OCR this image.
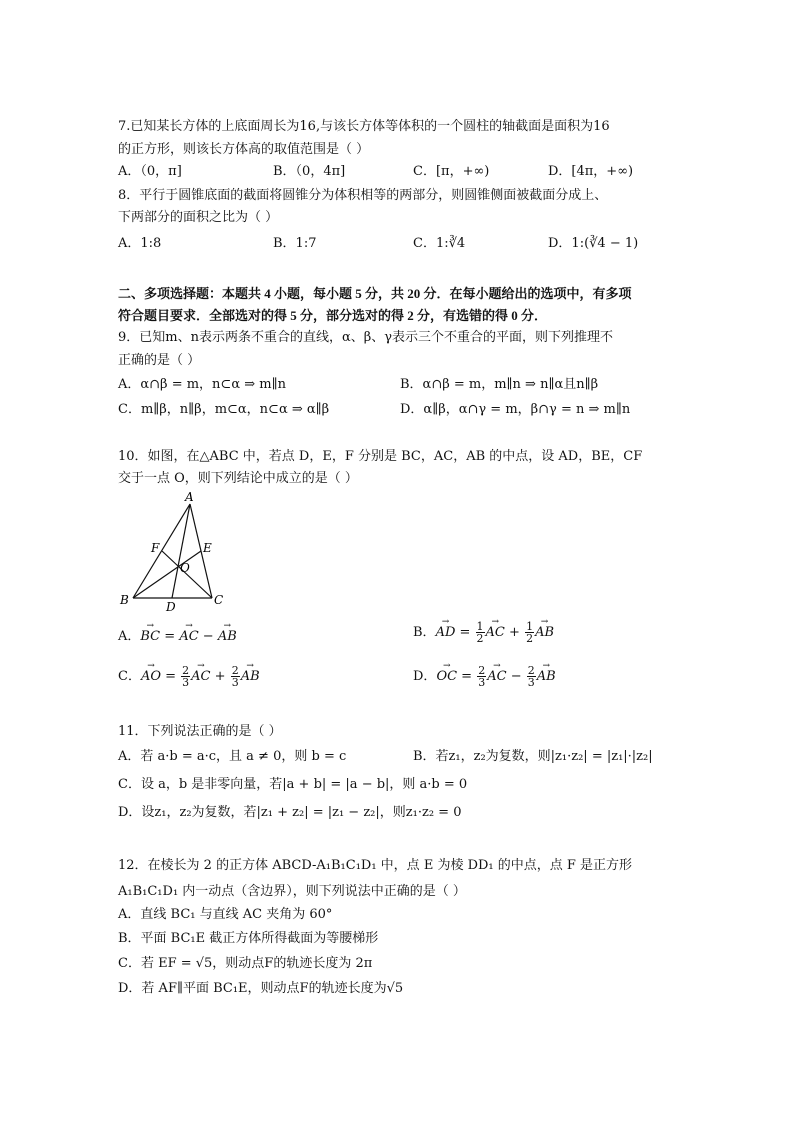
7.已知某长方体的上底面周长为16,与该长方体等体积的一个圆柱的轴截面是面积为16
的正方形，则该长方体高的取值范围是（ ）
A．（0，π]	B．（0，4π]	C．[π，+∞)	D．[4π，+∞)
8．平行于圆锥底面的截面将圆锥分为体积相等的两部分，则圆锥侧面被截面分成上、
下两部分的面积之比为（ ）
A．1:8	B．1:7	C．1:∛4	D．1:(∛4 − 1)
二、多项选择题：本题共 4 小题，每小题 5 分，共 20 分．在每小题给出的选项中，有多项
符合题目要求．全部选对的得 5 分，部分选对的得 2 分，有选错的得 0 分．
9．已知m、n表示两条不重合的直线，α、β、γ表示三个不重合的平面，则下列推理不
正确的是（ ）
A．α∩β = m，n⊂α ⇒ m∥n	B．α∩β = m，m∥n ⇒ n∥α且n∥β
C．m∥β，n∥β，m⊂α，n⊂α ⇒ α∥β	D．α∥β，α∩γ = m，β∩γ = n ⇒ m∥n
10．如图，在△ABC 中，若点 D，E，F 分别是 BC，AC，AB 的中点，设 AD，BE，CF
交于一点 O，则下列结论中成立的是（ ）
A
B	C
D
E
F
O
A．→ BC = → AC − → AB	B．→ AD = $\frac{1}{2}$ → AC + $\frac{1}{2}$ → AB
C．→ AO = $\frac{2}{3}$ → AC + $\frac{2}{3}$ → AB	D．→ OC = $\frac{2}{3}$ → AC − $\frac{2}{3}$ → AB
11．下列说法正确的是（ ）
A．若 a·b = a·c，且 a ≠ 0，则 b = c	B．若z₁，z₂为复数，则|z₁·z₂| = |z₁|·|z₂|
C．设 a，b 是非零向量，若|a + b| = |a − b|，则 a·b = 0
D．设z₁，z₂为复数，若|z₁ + z₂| = |z₁ − z₂|，则z₁·z₂ = 0
12．在棱长为 2 的正方体 ABCD-A₁B₁C₁D₁ 中，点 E 为棱 DD₁ 的中点，点 F 是正方形
A₁B₁C₁D₁ 内一动点（含边界），则下列说法中正确的是（ ）
A．直线 BC₁ 与直线 AC 夹角为 60°
B．平面 BC₁E 截正方体所得截面为等腰梯形
C．若 EF = √5，则动点F的轨迹长度为 2π
D．若 AF∥平面 BC₁E，则动点F的轨迹长度为√5
